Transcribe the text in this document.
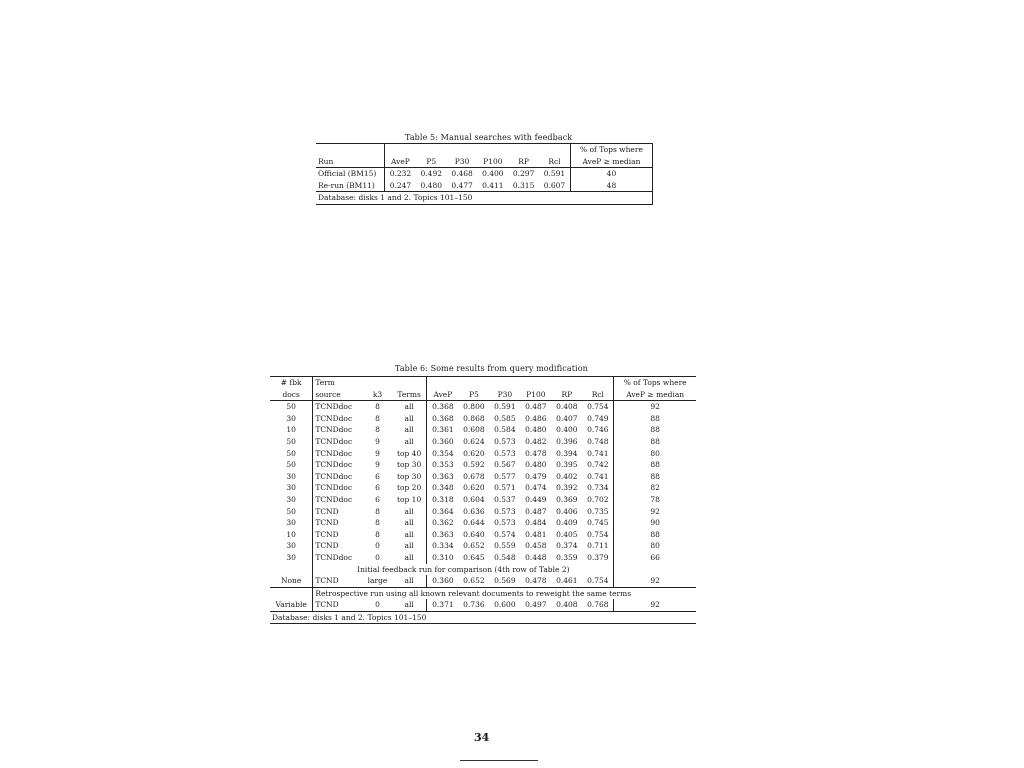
Table 5: Manual searches with feedback
							% of Tops where
Run	AveP	P5	P30	P100	RP	Rcl	AveP ≥ median
Official (BM15)	0.232	0.492	0.468	0.400	0.297	0.591	40
Re-run (BM11)	0.247	0.480	0.477	0.411	0.315	0.607	48
Database: disks 1 and 2. Topics 101–150							
Table 6: Some results from query modification
# fbk	Term									% of Tops where
docs	source	k3	Terms	AveP	P5	P30	P100	RP	Rcl	AveP ≥ median
50	TCNDdoc	8	all	0.368	0.800	0.591	0.487	0.408	0.754	92
30	TCNDdoc	8	all	0.368	0.868	0.585	0.486	0.407	0.749	88
10	TCNDdoc	8	all	0.361	0.608	0.584	0.480	0.400	0.746	88
50	TCNDdoc	9	all	0.360	0.624	0.573	0.482	0.396	0.748	88
50	TCNDdoc	9	top 40	0.354	0.620	0.573	0.478	0.394	0.741	80
50	TCNDdoc	9	top 30	0.353	0.592	0.567	0.480	0.395	0.742	88
30	TCNDdoc	6	top 30	0.363	0.678	0.577	0.479	0.402	0.741	88
30	TCNDdoc	6	top 20	0.348	0.620	0.571	0.474	0.392	0.734	82
30	TCNDdoc	6	top 10	0.318	0.604	0.537	0.449	0.369	0.702	78
50	TCND	8	all	0.364	0.636	0.573	0.487	0.406	0.735	92
30	TCND	8	all	0.362	0.644	0.573	0.484	0.409	0.745	90
10	TCND	8	all	0.363	0.640	0.574	0.481	0.405	0.754	88
30	TCND	0	all	0.334	0.652	0.559	0.458	0.374	0.711	80
30	TCNDdoc	0	all	0.310	0.645	0.548	0.448	0.359	0.379	66
	Initial feedback run for comparison (4th row of Table 2)									
None	TCND	large	all	0.360	0.652	0.569	0.478	0.461	0.754	92
	Retrospective run using all known relevant documents to reweight the same terms									
Variable	TCND	0	all	0.371	0.736	0.600	0.497	0.408	0.768	92
Database: disks 1 and 2. Topics 101–150										
34
